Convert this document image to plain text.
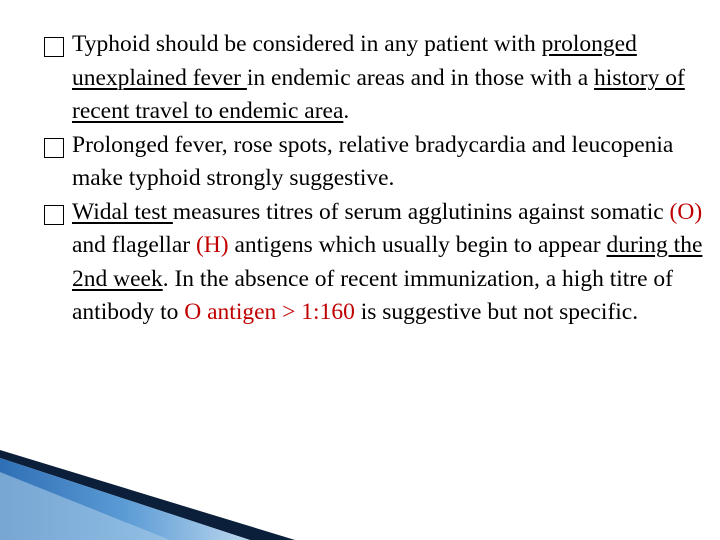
Typhoid should be considered in any patient with prolonged unexplained fever in endemic areas and in those with a history of recent travel to endemic area.

Prolonged fever, rose spots, relative bradycardia and leucopenia make typhoid strongly suggestive.

Widal test measures titres of serum agglutinins against somatic (O) and flagellar (H) antigens which usually begin to appear during the 2nd week. In the absence of recent immunization, a high titre of antibody to O antigen > 1:160 is suggestive but not specific.
